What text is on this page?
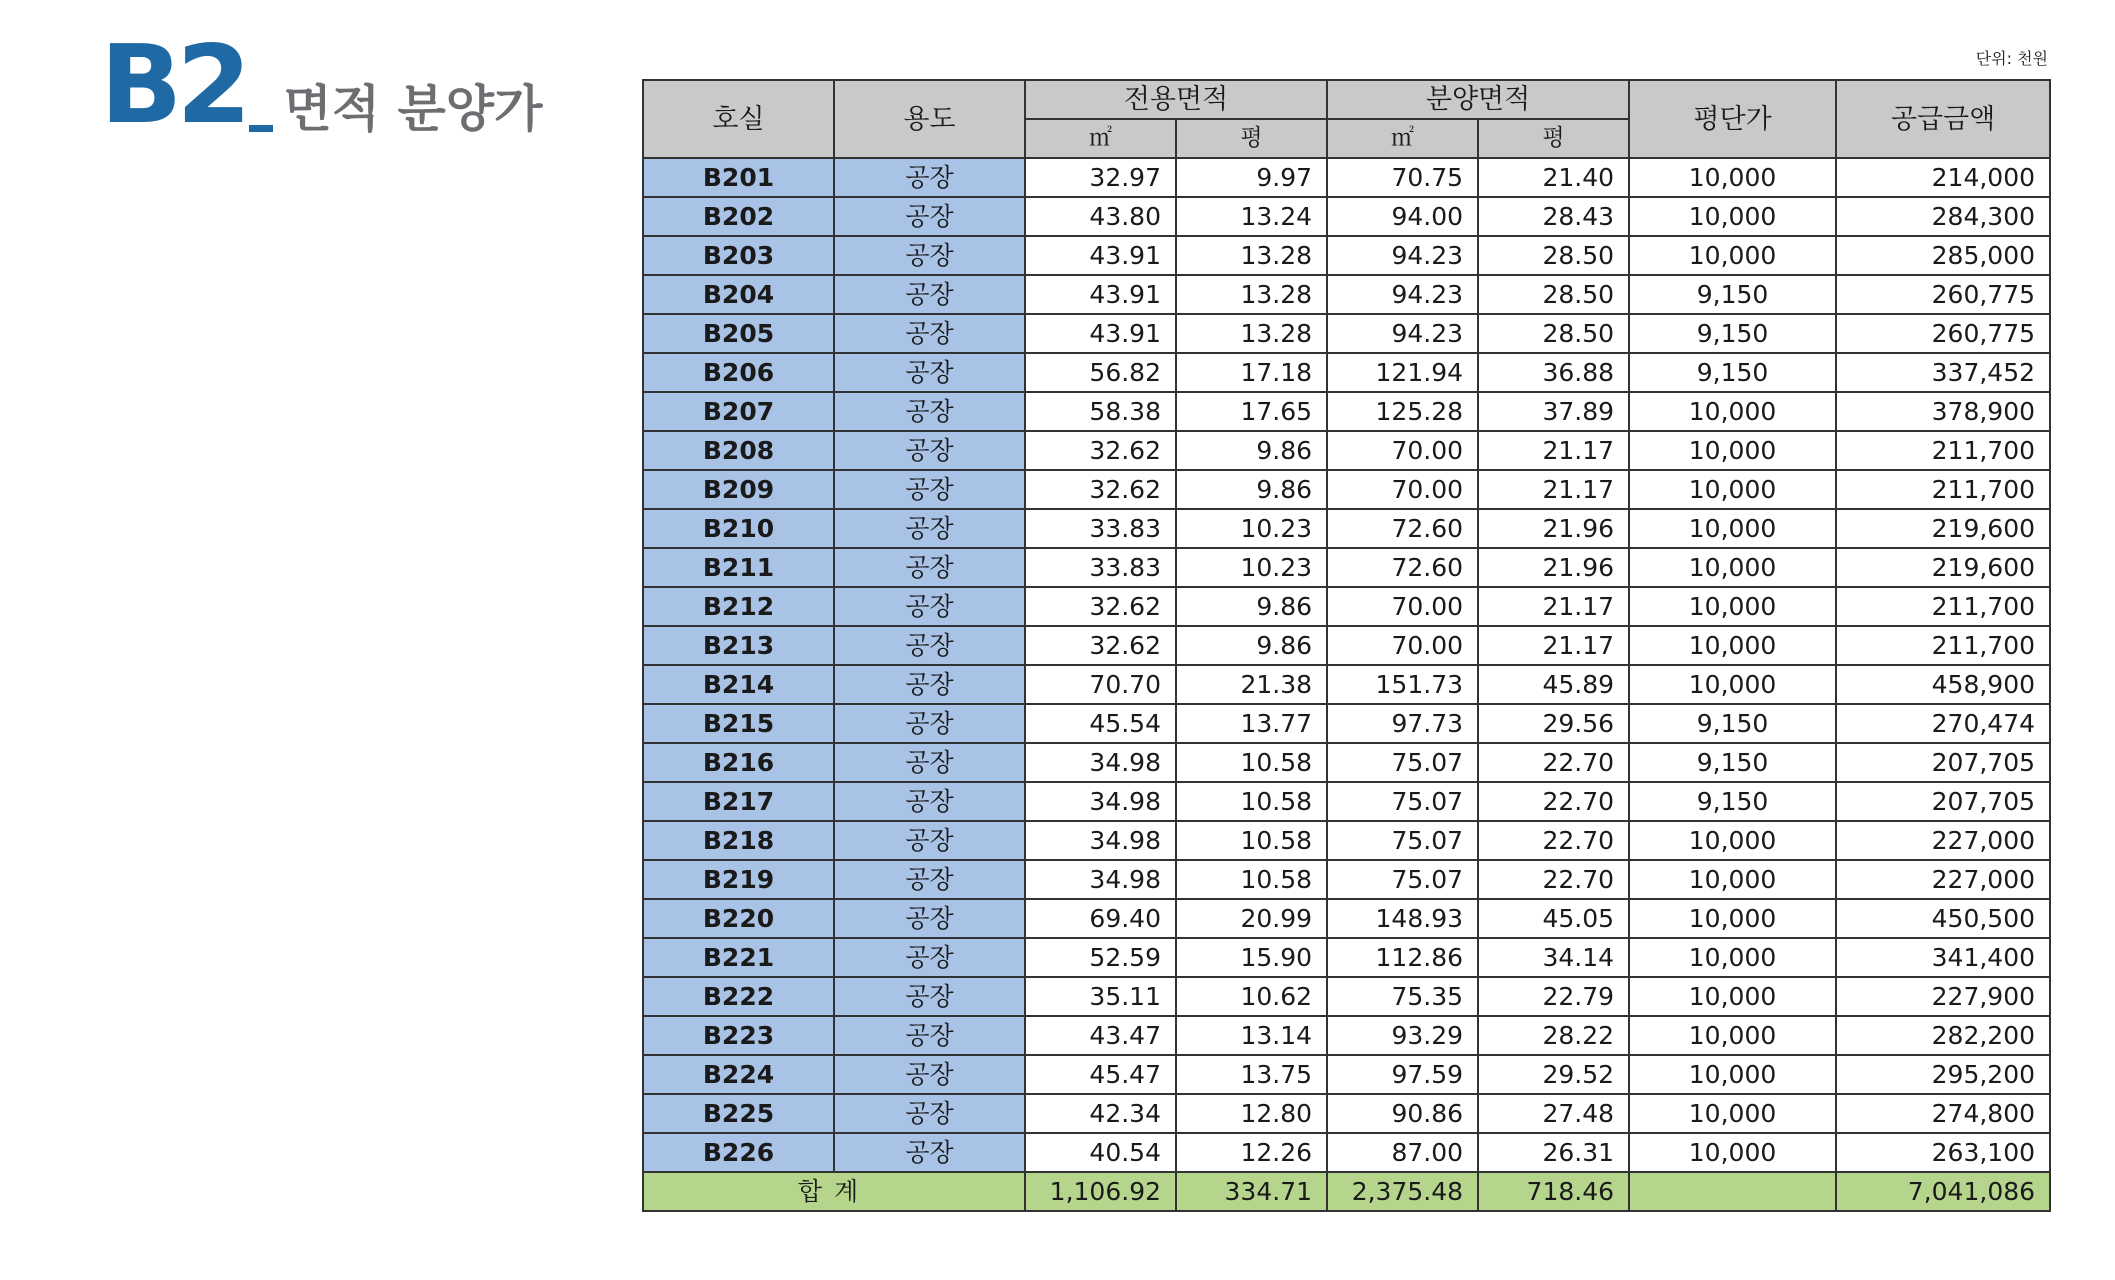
B2 면적 분양가
단위: 천원
호실	용도	전용면적		분양면적		평단가	공급금액
		㎡	평	㎡	평		
B201	공장	32.97	9.97	70.75	21.40	10,000	214,000
B202	공장	43.80	13.24	94.00	28.43	10,000	284,300
B203	공장	43.91	13.28	94.23	28.50	10,000	285,000
B204	공장	43.91	13.28	94.23	28.50	9,150	260,775
B205	공장	43.91	13.28	94.23	28.50	9,150	260,775
B206	공장	56.82	17.18	121.94	36.88	9,150	337,452
B207	공장	58.38	17.65	125.28	37.89	10,000	378,900
B208	공장	32.62	9.86	70.00	21.17	10,000	211,700
B209	공장	32.62	9.86	70.00	21.17	10,000	211,700
B210	공장	33.83	10.23	72.60	21.96	10,000	219,600
B211	공장	33.83	10.23	72.60	21.96	10,000	219,600
B212	공장	32.62	9.86	70.00	21.17	10,000	211,700
B213	공장	32.62	9.86	70.00	21.17	10,000	211,700
B214	공장	70.70	21.38	151.73	45.89	10,000	458,900
B215	공장	45.54	13.77	97.73	29.56	9,150	270,474
B216	공장	34.98	10.58	75.07	22.70	9,150	207,705
B217	공장	34.98	10.58	75.07	22.70	9,150	207,705
B218	공장	34.98	10.58	75.07	22.70	10,000	227,000
B219	공장	34.98	10.58	75.07	22.70	10,000	227,000
B220	공장	69.40	20.99	148.93	45.05	10,000	450,500
B221	공장	52.59	15.90	112.86	34.14	10,000	341,400
B222	공장	35.11	10.62	75.35	22.79	10,000	227,900
B223	공장	43.47	13.14	93.29	28.22	10,000	282,200
B224	공장	45.47	13.75	97.59	29.52	10,000	295,200
B225	공장	42.34	12.80	90.86	27.48	10,000	274,800
B226	공장	40.54	12.26	87.00	26.31	10,000	263,100
합계		1,106.92	334.71	2,375.48	718.46		7,041,086
